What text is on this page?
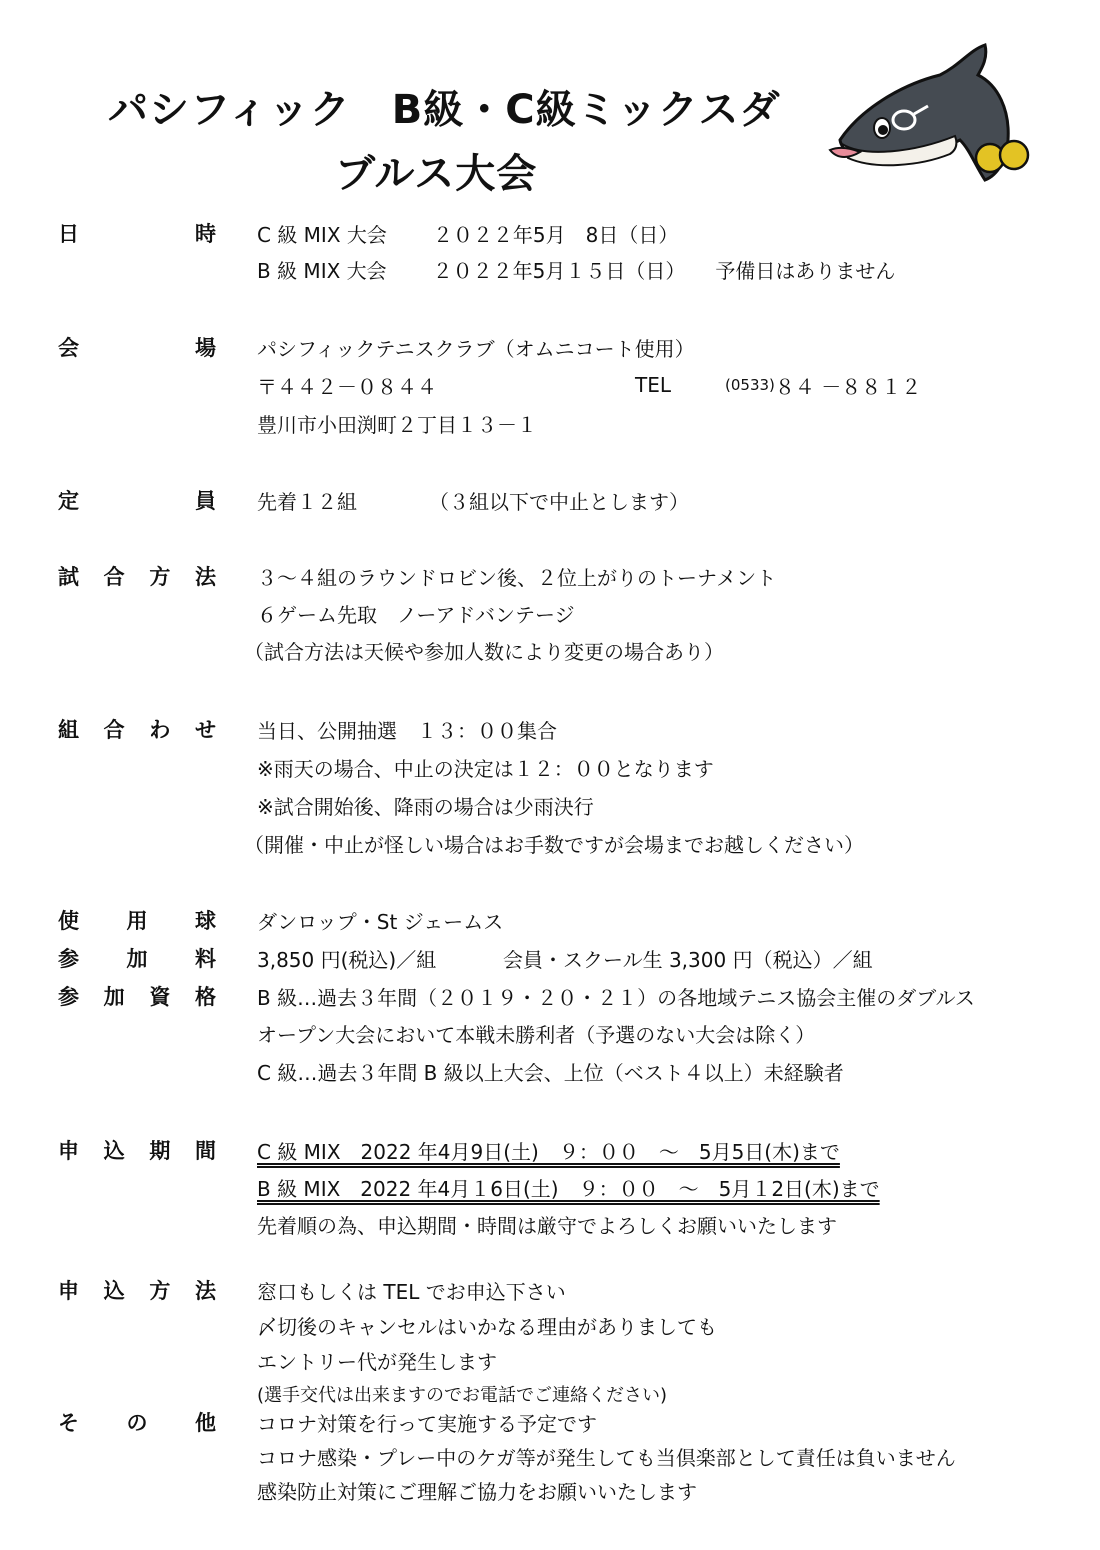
パシフィック　B級・C級ミックスダ
ブルス大会
日	時 C 級 MIX 大会 ２０２２年5月　8日（日）
B 級 MIX 大会 ２０２２年5月１５日（日） 予備日はありません
会	場 パシフィックテニスクラブ（オムニコート使用）
〒４４２－０８４４	TEL	(0533) ８４ －８８１２
豊川市小田渕町２丁目１３－１
定	員 先着１２組	（３組以下で中止とします）
試 合 方 法 ３～４組のラウンドロビン後、２位上がりのトーナメント
６ゲーム先取　ノーアドバンテージ
（試合方法は天候や参加人数により変更の場合あり）
組 合 わ せ 当日、公開抽選　１３：００集合
※雨天の場合、中止の決定は１２：００となります
※試合開始後、降雨の場合は少雨決行
（開催・中止が怪しい場合はお手数ですが会場までお越しください）
使 用 球 ダンロップ・St ジェームス
参 加 料 3,850 円(税込)／組	会員・スクール生 3,300 円（税込）／組
参 加 資 格 B 級…過去３年間（２０１９・２０・２１）の各地域テニス協会主催のダブルス
オープン大会において本戦未勝利者（予選のない大会は除く）
C 級…過去３年間 B 級以上大会、上位（ベスト４以上）未経験者
申 込 期 間 C 級 MIX　2022 年4月9日(土)　９：００　～　5月5日(木)まで
B 級 MIX　2022 年4月１6日(土)　９：００　～　5月１2日(木)まで
先着順の為、申込期間・時間は厳守でよろしくお願いいたします
申 込 方 法 窓口もしくは TEL でお申込下さい
〆切後のキャンセルはいかなる理由がありましても
エントリー代が発生します
(選手交代は出来ますのでお電話でご連絡ください)
そ の 他 コロナ対策を行って実施する予定です
コロナ感染・プレー中のケガ等が発生しても当倶楽部として責任は負いません
感染防止対策にご理解ご協力をお願いいたします
